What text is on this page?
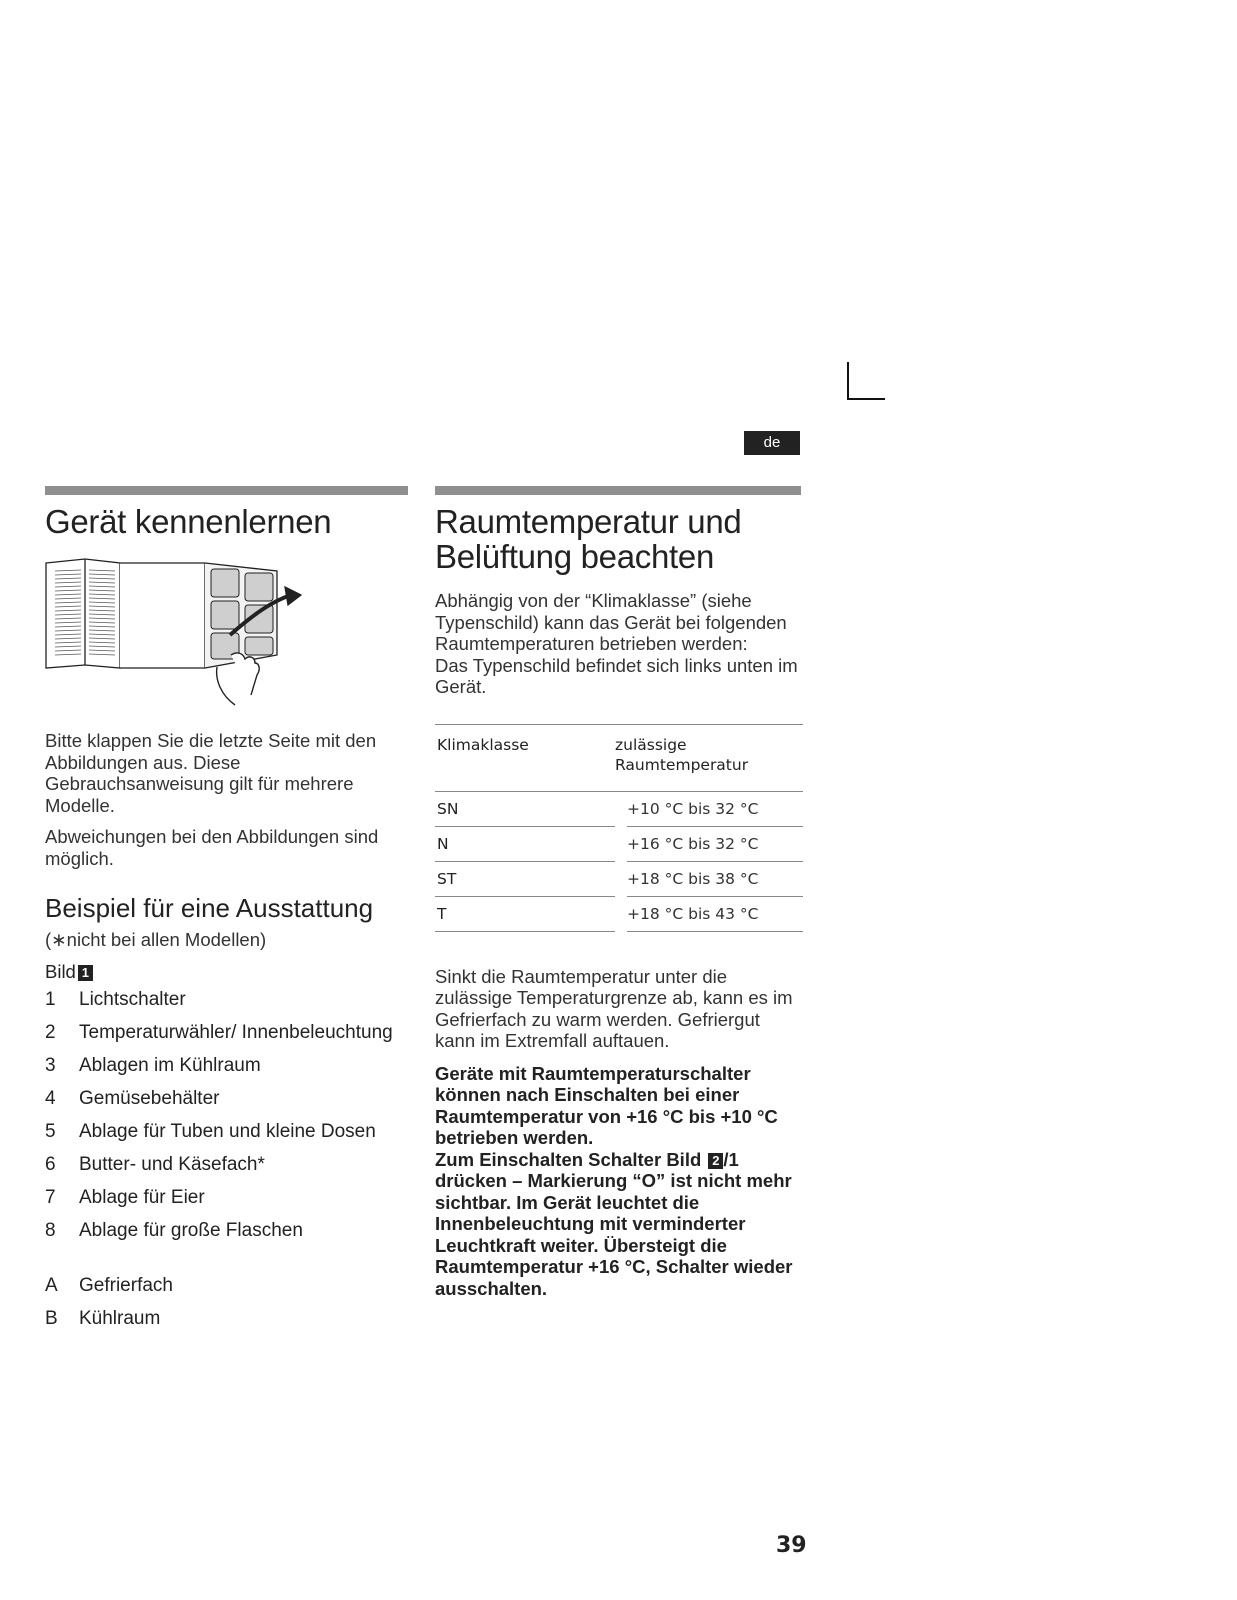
de
Gerät kennenlernen

Bitte klappen Sie die letzte Seite mit den Abbildungen aus. Diese Gebrauchsanweisung gilt für mehrere Modelle.

Abweichungen bei den Abbildungen sind möglich.

Beispiel für eine Ausstattung

(∗nicht bei allen Modellen)

Bild 1
1	Lichtschalter
2	Temperaturwähler/ Innenbeleuchtung
3	Ablagen im Kühlraum
4	Gemüsebehälter
5	Ablage für Tuben und kleine Dosen
6	Butter- und Käsefach*
7	Ablage für Eier
8	Ablage für große Flaschen
A	Gefrierfach
B	Kühlraum
Raumtemperatur und
Belüftung beachten

Abhängig von der “Klimaklasse” (siehe Typenschild) kann das Gerät bei folgenden Raumtemperaturen betrieben werden:

Das Typenschild befindet sich links unten im Gerät.

Klimaklasse	zulässige
Raumtemperatur	
SN		+10 °C bis 32 °C
N		+16 °C bis 32 °C
ST		+18 °C bis 38 °C
T		+18 °C bis 43 °C

Sinkt die Raumtemperatur unter die zulässige Temperaturgrenze ab, kann es im Gefrierfach zu warm werden. Gefriergut kann im Extremfall auftauen.

Geräte mit Raumtemperaturschalter können nach Einschalten bei einer Raumtemperatur von +16 °C bis +10 °C betrieben werden.

Zum Einschalten Schalter Bild 2 /1 drücken – Markierung “O” ist nicht mehr sichtbar. Im Gerät leuchtet die Innenbeleuchtung mit verminderter Leuchtkraft weiter. Übersteigt die Raumtemperatur +16 °C, Schalter wieder ausschalten.

39
